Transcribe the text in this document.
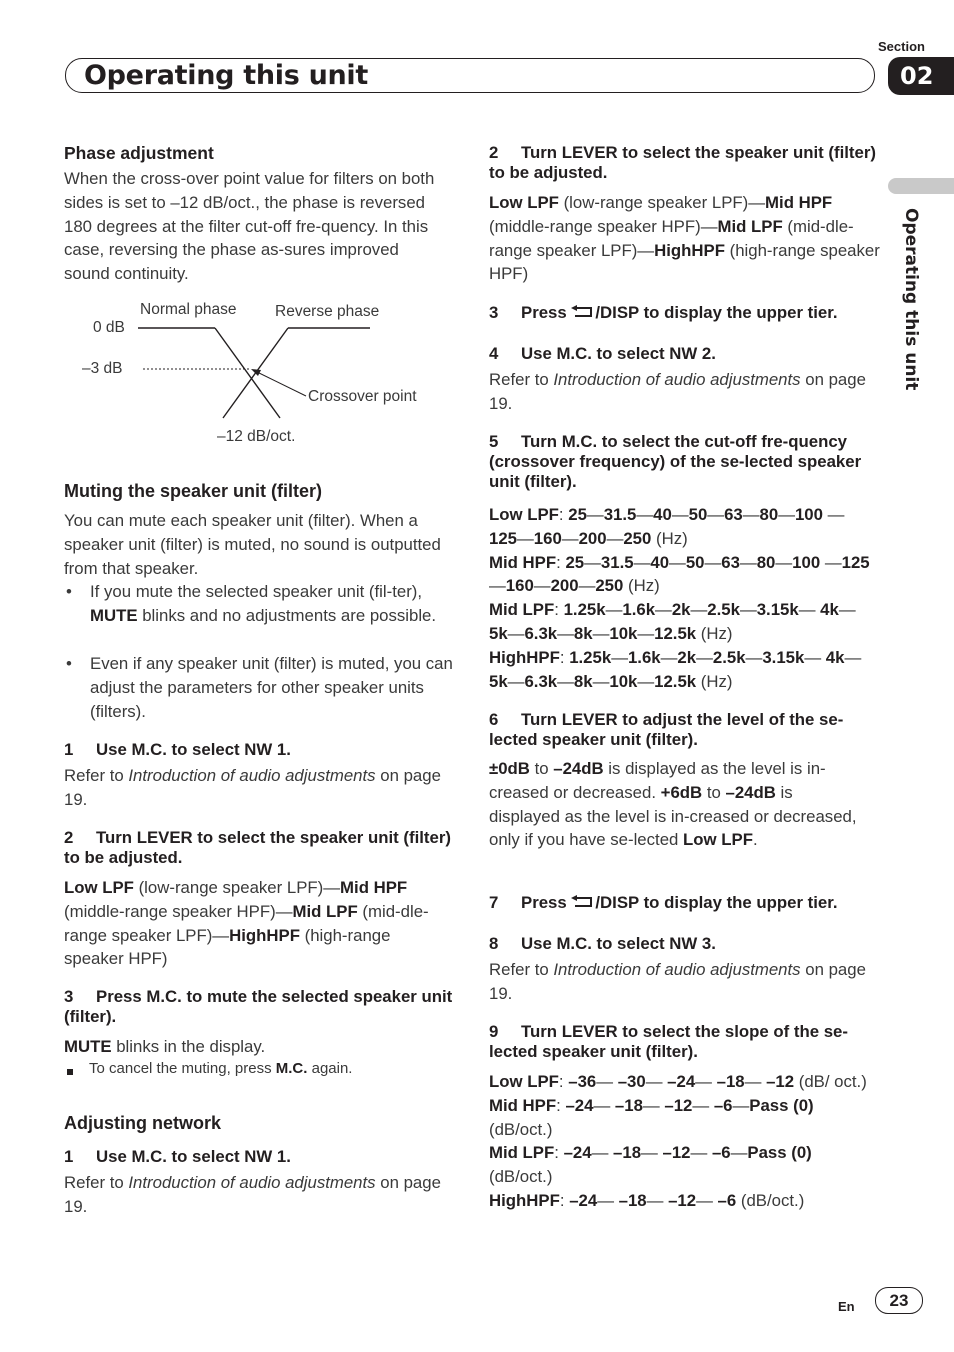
Operating this unit
Section
02
Operating this unit
Phase adjustment
When the cross-over point value for filters on both sides is set to –12 dB/oct., the phase is reversed 180 degrees at the filter cut-off fre-quency. In this case, reversing the phase as-sures improved sound continuity.
Normal phase Reverse phase
0 dB
–3 dB
Crossover point
–12 dB/oct.
Muting the speaker unit (filter)
You can mute each speaker unit (filter). When a speaker unit (filter) is muted, no sound is outputted from that speaker.
• If you mute the selected speaker unit (fil-ter), MUTE blinks and no adjustments are possible.
• Even if any speaker unit (filter) is muted, you can adjust the parameters for other speaker units (filters).
1 Use M.C. to select NW 1.
Refer to Introduction of audio adjustments on page 19.
2 Turn LEVER to select the speaker unit (filter) to be adjusted.
Low LPF (low-range speaker LPF)—Mid HPF (middle-range speaker HPF)—Mid LPF (mid-dle-range speaker LPF)—HighHPF (high-range speaker HPF)
3 Press M.C. to mute the selected speaker unit (filter).
MUTE blinks in the display.
To cancel the muting, press M.C. again.
Adjusting network
1 Use M.C. to select NW 1.
Refer to Introduction of audio adjustments on page 19.
2 Turn LEVER to select the speaker unit (filter) to be adjusted.
Low LPF (low-range speaker LPF)—Mid HPF (middle-range speaker HPF)—Mid LPF (mid-dle-range speaker LPF)—HighHPF (high-range speaker HPF)
3 Press /DISP to display the upper tier.
4 Use M.C. to select NW 2.
Refer to Introduction of audio adjustments on page 19.
5 Turn M.C. to select the cut-off fre-quency (crossover frequency) of the se-lected speaker unit (filter).
Low LPF: 25—31.5—40—50—63—80—100 —125—160—200—250 (Hz)
Mid HPF: 25—31.5—40—50—63—80—100 —125—160—200—250 (Hz)
Mid LPF: 1.25k—1.6k—2k—2.5k—3.15k— 4k—5k—6.3k—8k—10k—12.5k (Hz)
HighHPF: 1.25k—1.6k—2k—2.5k—3.15k— 4k—5k—6.3k—8k—10k—12.5k (Hz)
6 Turn LEVER to adjust the level of the se-lected speaker unit (filter).
±0dB to –24dB is displayed as the level is in-creased or decreased. +6dB to –24dB is displayed as the level is in-creased or decreased, only if you have se-lected Low LPF.
7 Press /DISP to display the upper tier.
8 Use M.C. to select NW 3.
Refer to Introduction of audio adjustments on page 19.
9 Turn LEVER to select the slope of the se-lected speaker unit (filter).
Low LPF: –36— –30— –24— –18— –12 (dB/ oct.)
Mid HPF: –24— –18— –12— –6—Pass (0) (dB/oct.)
Mid LPF: –24— –18— –12— –6—Pass (0) (dB/oct.)
HighHPF: –24— –18— –12— –6 (dB/oct.)
En	23
